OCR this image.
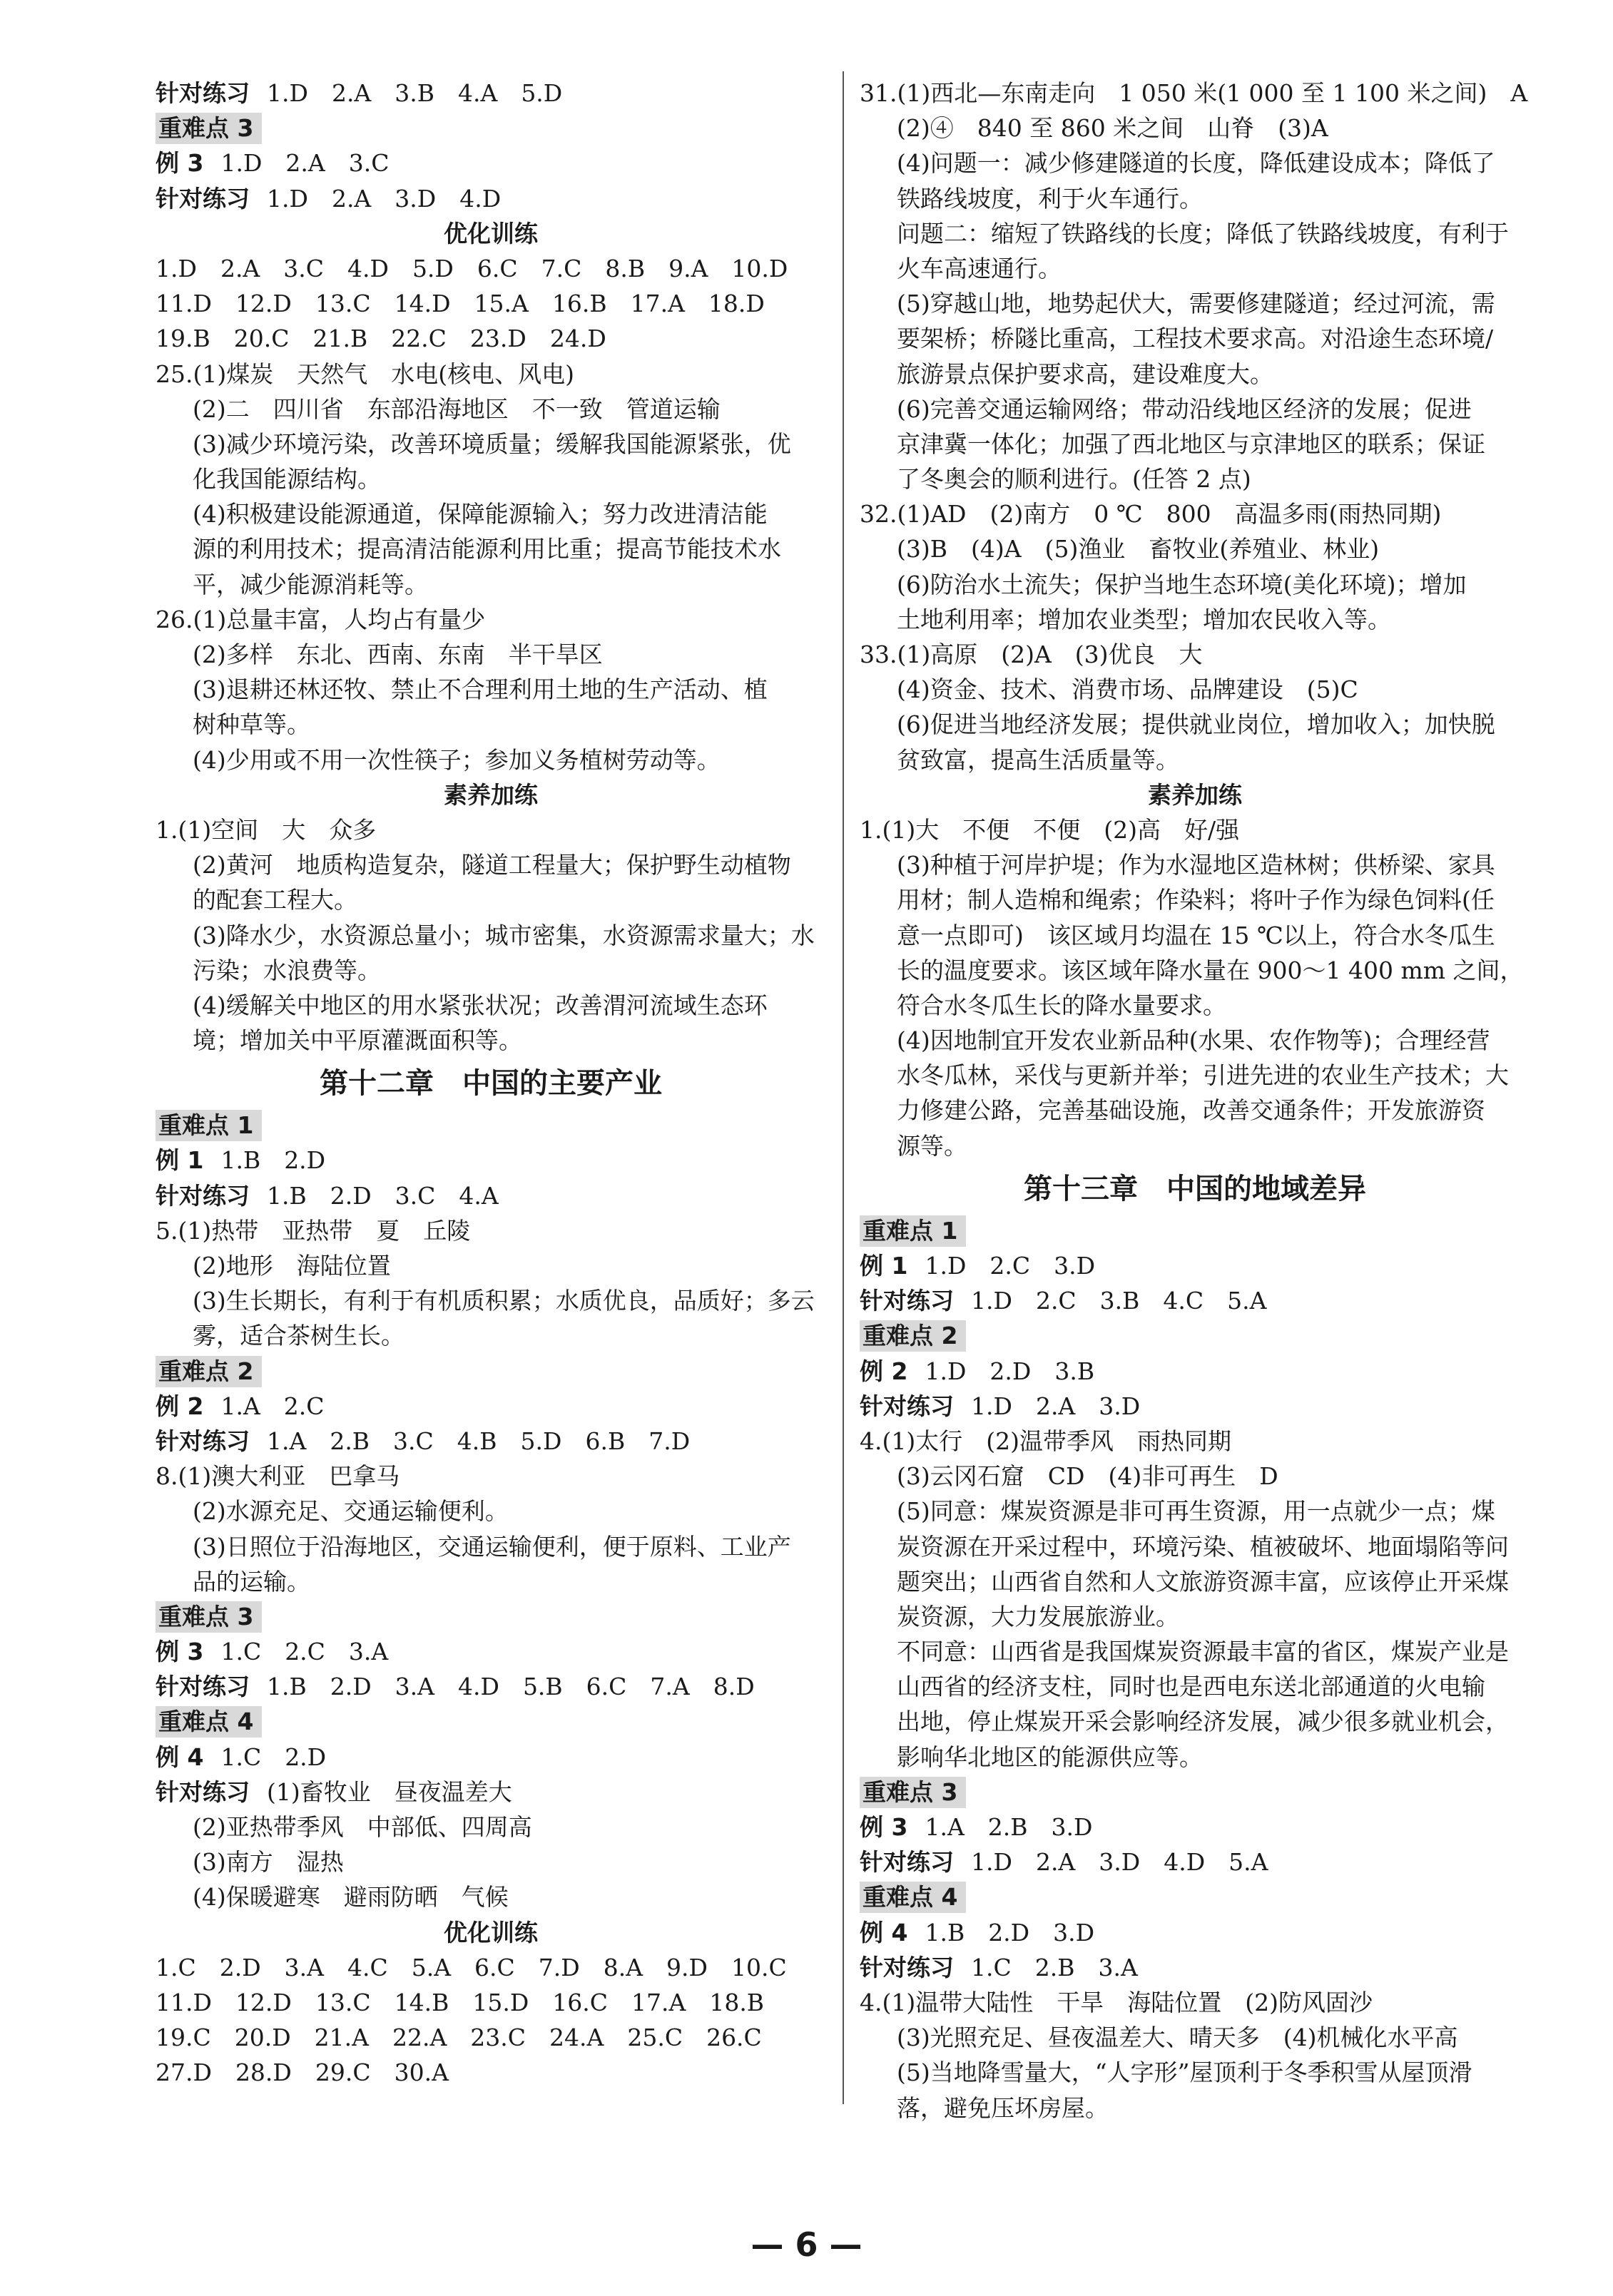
针对练习 1.D　2.A　3.B　4.A　5.D
重难点 3
例 3 1.D　2.A　3.C
针对练习 1.D　2.A　3.D　4.D
优化训练
1.D　2.A　3.C　4.D　5.D　6.C　7.C　8.B　9.A　10.D
11.D　12.D　13.C　14.D　15.A　16.B　17.A　18.D
19.B　20.C　21.B　22.C　23.D　24.D
25.(1)煤炭　天然气　水电(核电、风电)
(2)二　四川省　东部沿海地区　不一致　管道运输
(3)减少环境污染，改善环境质量；缓解我国能源紧张，优
化我国能源结构。
(4)积极建设能源通道，保障能源输入；努力改进清洁能
源的利用技术；提高清洁能源利用比重；提高节能技术水
平，减少能源消耗等。
26.(1)总量丰富，人均占有量少
(2)多样　东北、西南、东南　半干旱区
(3)退耕还林还牧、禁止不合理利用土地的生产活动、植
树种草等。
(4)少用或不用一次性筷子；参加义务植树劳动等。
素养加练
1.(1)空间　大　众多
(2)黄河　地质构造复杂，隧道工程量大；保护野生动植物
的配套工程大。
(3)降水少，水资源总量小；城市密集，水资源需求量大；水
污染；水浪费等。
(4)缓解关中地区的用水紧张状况；改善渭河流域生态环
境；增加关中平原灌溉面积等。
第十二章　中国的主要产业
重难点 1
例 1 1.B　2.D
针对练习 1.B　2.D　3.C　4.A
5.(1)热带　亚热带　夏　丘陵
(2)地形　海陆位置
(3)生长期长，有利于有机质积累；水质优良，品质好；多云
雾，适合茶树生长。
重难点 2
例 2 1.A　2.C
针对练习 1.A　2.B　3.C　4.B　5.D　6.B　7.D
8.(1)澳大利亚　巴拿马
(2)水源充足、交通运输便利。
(3)日照位于沿海地区，交通运输便利，便于原料、工业产
品的运输。
重难点 3
例 3 1.C　2.C　3.A
针对练习 1.B　2.D　3.A　4.D　5.B　6.C　7.A　8.D
重难点 4
例 4 1.C　2.D
针对练习 (1)畜牧业　昼夜温差大
(2)亚热带季风　中部低、四周高
(3)南方　湿热
(4)保暖避寒　避雨防晒　气候
优化训练
1.C　2.D　3.A　4.C　5.A　6.C　7.D　8.A　9.D　10.C
11.D　12.D　13.C　14.B　15.D　16.C　17.A　18.B
19.C　20.D　21.A　22.A　23.C　24.A　25.C　26.C
27.D　28.D　29.C　30.A
31.(1)西北—东南走向　1 050 米(1 000 至 1 100 米之间)　A
(2)④　840 至 860 米之间　山脊　(3)A
(4)问题一：减少修建隧道的长度，降低建设成本；降低了
铁路线坡度，利于火车通行。
问题二：缩短了铁路线的长度；降低了铁路线坡度，有利于
火车高速通行。
(5)穿越山地，地势起伏大，需要修建隧道；经过河流，需
要架桥；桥隧比重高，工程技术要求高。对沿途生态环境/
旅游景点保护要求高，建设难度大。
(6)完善交通运输网络；带动沿线地区经济的发展；促进
京津冀一体化；加强了西北地区与京津地区的联系；保证
了冬奥会的顺利进行。(任答 2 点)
32.(1)AD　(2)南方　0 ℃　800　高温多雨(雨热同期)
(3)B　(4)A　(5)渔业　畜牧业(养殖业、林业)
(6)防治水土流失；保护当地生态环境(美化环境)；增加
土地利用率；增加农业类型；增加农民收入等。
33.(1)高原　(2)A　(3)优良　大
(4)资金、技术、消费市场、品牌建设　(5)C
(6)促进当地经济发展；提供就业岗位，增加收入；加快脱
贫致富，提高生活质量等。
素养加练
1.(1)大　不便　不便　(2)高　好/强
(3)种植于河岸护堤；作为水湿地区造林树；供桥梁、家具
用材；制人造棉和绳索；作染料；将叶子作为绿色饲料(任
意一点即可)　该区域月均温在 15 ℃以上，符合水冬瓜生
长的温度要求。该区域年降水量在 900～1 400 mm 之间，
符合水冬瓜生长的降水量要求。
(4)因地制宜开发农业新品种(水果、农作物等)；合理经营
水冬瓜林，采伐与更新并举；引进先进的农业生产技术；大
力修建公路，完善基础设施，改善交通条件；开发旅游资
源等。
第十三章　中国的地域差异
重难点 1
例 1 1.D　2.C　3.D
针对练习 1.D　2.C　3.B　4.C　5.A
重难点 2
例 2 1.D　2.D　3.B
针对练习 1.D　2.A　3.D
4.(1)太行　(2)温带季风　雨热同期
(3)云冈石窟　CD　(4)非可再生　D
(5)同意：煤炭资源是非可再生资源，用一点就少一点；煤
炭资源在开采过程中，环境污染、植被破坏、地面塌陷等问
题突出；山西省自然和人文旅游资源丰富，应该停止开采煤
炭资源，大力发展旅游业。
不同意：山西省是我国煤炭资源最丰富的省区，煤炭产业是
山西省的经济支柱，同时也是西电东送北部通道的火电输
出地，停止煤炭开采会影响经济发展，减少很多就业机会，
影响华北地区的能源供应等。
重难点 3
例 3 1.A　2.B　3.D
针对练习 1.D　2.A　3.D　4.D　5.A
重难点 4
例 4 1.B　2.D　3.D
针对练习 1.C　2.B　3.A
4.(1)温带大陆性　干旱　海陆位置　(2)防风固沙
(3)光照充足、昼夜温差大、晴天多　(4)机械化水平高
(5)当地降雪量大，“人字形”屋顶利于冬季积雪从屋顶滑
落，避免压坏房屋。
— 6 —
